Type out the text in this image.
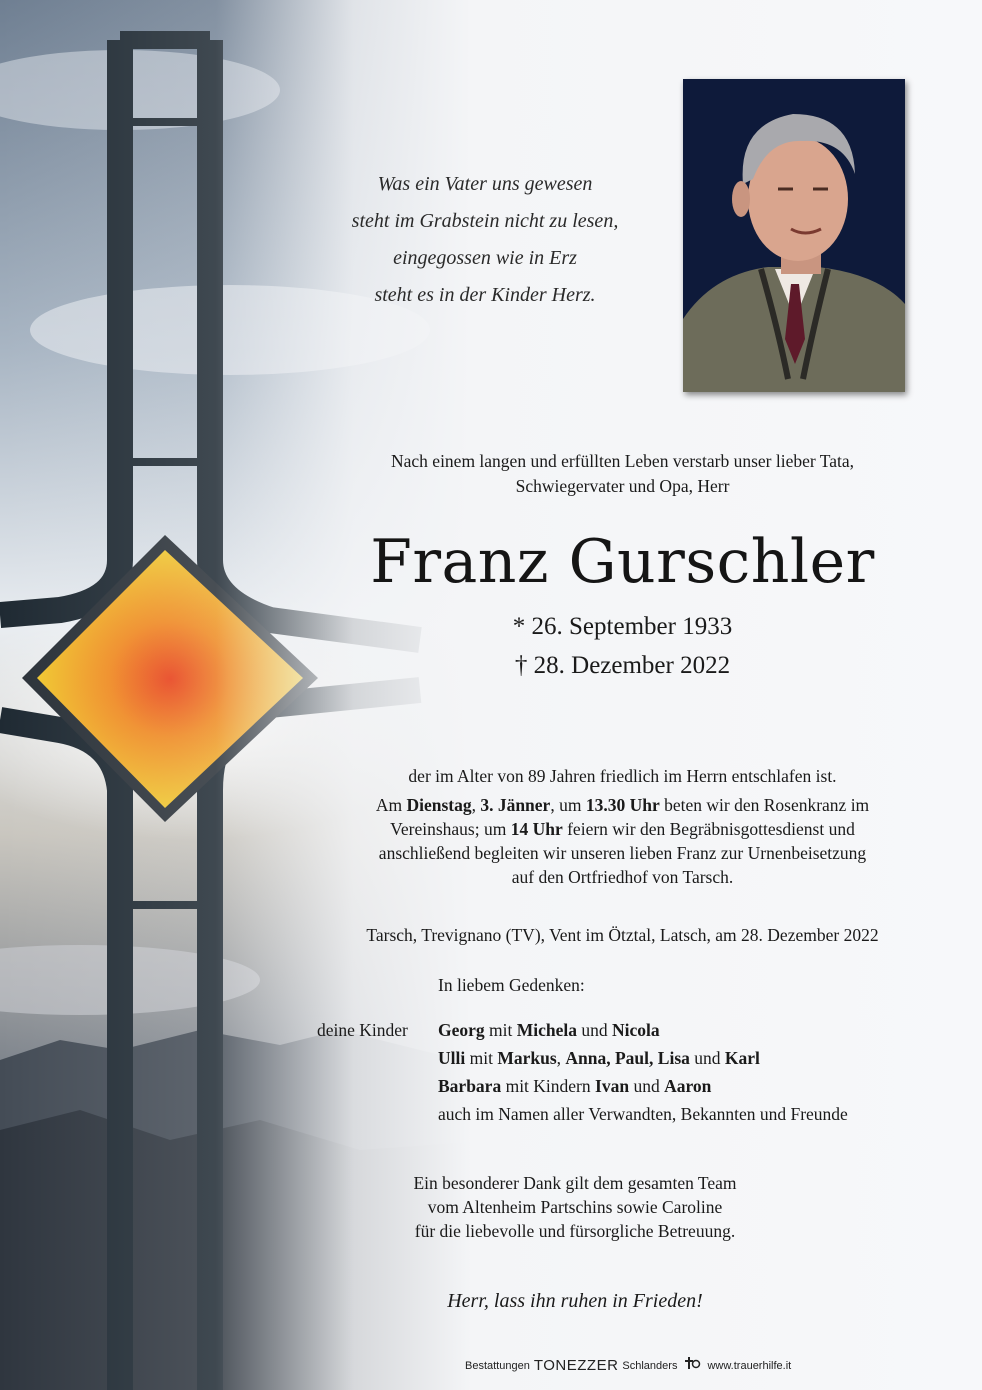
Was ein Vater uns gewesen
steht im Grabstein nicht zu lesen,
eingegossen wie in Erz
steht es in der Kinder Herz.
Nach einem langen und erfüllten Leben verstarb unser lieber Tata,
Schwiegervater und Opa, Herr
Franz Gurschler
* 26. September 1933
† 28. Dezember 2022
der im Alter von 89 Jahren friedlich im Herrn entschlafen ist.
Am Dienstag, 3. Jänner, um 13.30 Uhr beten wir den Rosenkranz im
Vereinshaus; um 14 Uhr feiern wir den Begräbnisgottesdienst und
anschließend begleiten wir unseren lieben Franz zur Urnenbeisetzung
auf den Ortfriedhof von Tarsch.
Tarsch, Trevignano (TV), Vent im Ötztal, Latsch, am 28. Dezember 2022
In liebem Gedenken:
deine Kinder Georg mit Michela und Nicola
Ulli mit Markus, Anna, Paul, Lisa und Karl
Barbara mit Kindern Ivan und Aaron
auch im Namen aller Verwandten, Bekannten und Freunde
Ein besonderer Dank gilt dem gesamten Team
vom Altenheim Partschins sowie Caroline
für die liebevolle und fürsorgliche Betreuung.
Herr, lass ihn ruhen in Frieden!
Bestattungen TONEZZER Schlanders	www.trauerhilfe.it
